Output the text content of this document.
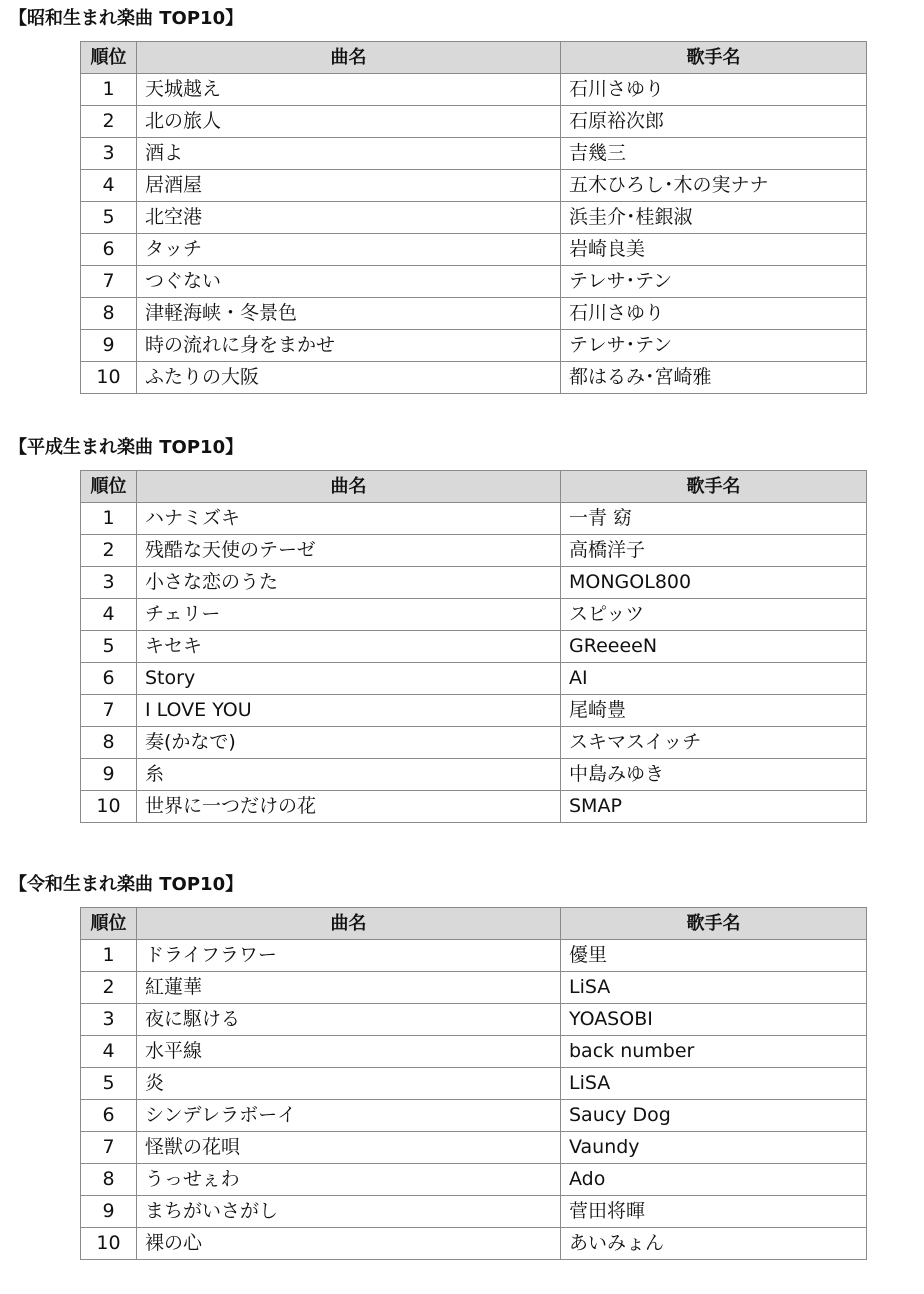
【昭和生まれ楽曲 TOP10】
順位	曲名	歌手名
1	天城越え	石川さゆり
2	北の旅人	石原裕次郎
3	酒よ	吉幾三
4	居酒屋	五木ひろし･木の実ナナ
5	北空港	浜圭介･桂銀淑
6	タッチ	岩崎良美
7	つぐない	テレサ･テン
8	津軽海峡・冬景色	石川さゆり
9	時の流れに身をまかせ	テレサ･テン
10	ふたりの大阪	都はるみ･宮崎雅
【平成生まれ楽曲 TOP10】
順位	曲名	歌手名
1	ハナミズキ	一青 窈
2	残酷な天使のテーゼ	高橋洋子
3	小さな恋のうた	MONGOL800
4	チェリー	スピッツ
5	キセキ	GReeeeN
6	Story	AI
7	I LOVE YOU	尾崎豊
8	奏(かなで)	スキマスイッチ
9	糸	中島みゆき
10	世界に一つだけの花	SMAP
【令和生まれ楽曲 TOP10】
順位	曲名	歌手名
1	ドライフラワー	優里
2	紅蓮華	LiSA
3	夜に駆ける	YOASOBI
4	水平線	back number
5	炎	LiSA
6	シンデレラボーイ	Saucy Dog
7	怪獣の花唄	Vaundy
8	うっせぇわ	Ado
9	まちがいさがし	菅田将暉
10	裸の心	あいみょん
